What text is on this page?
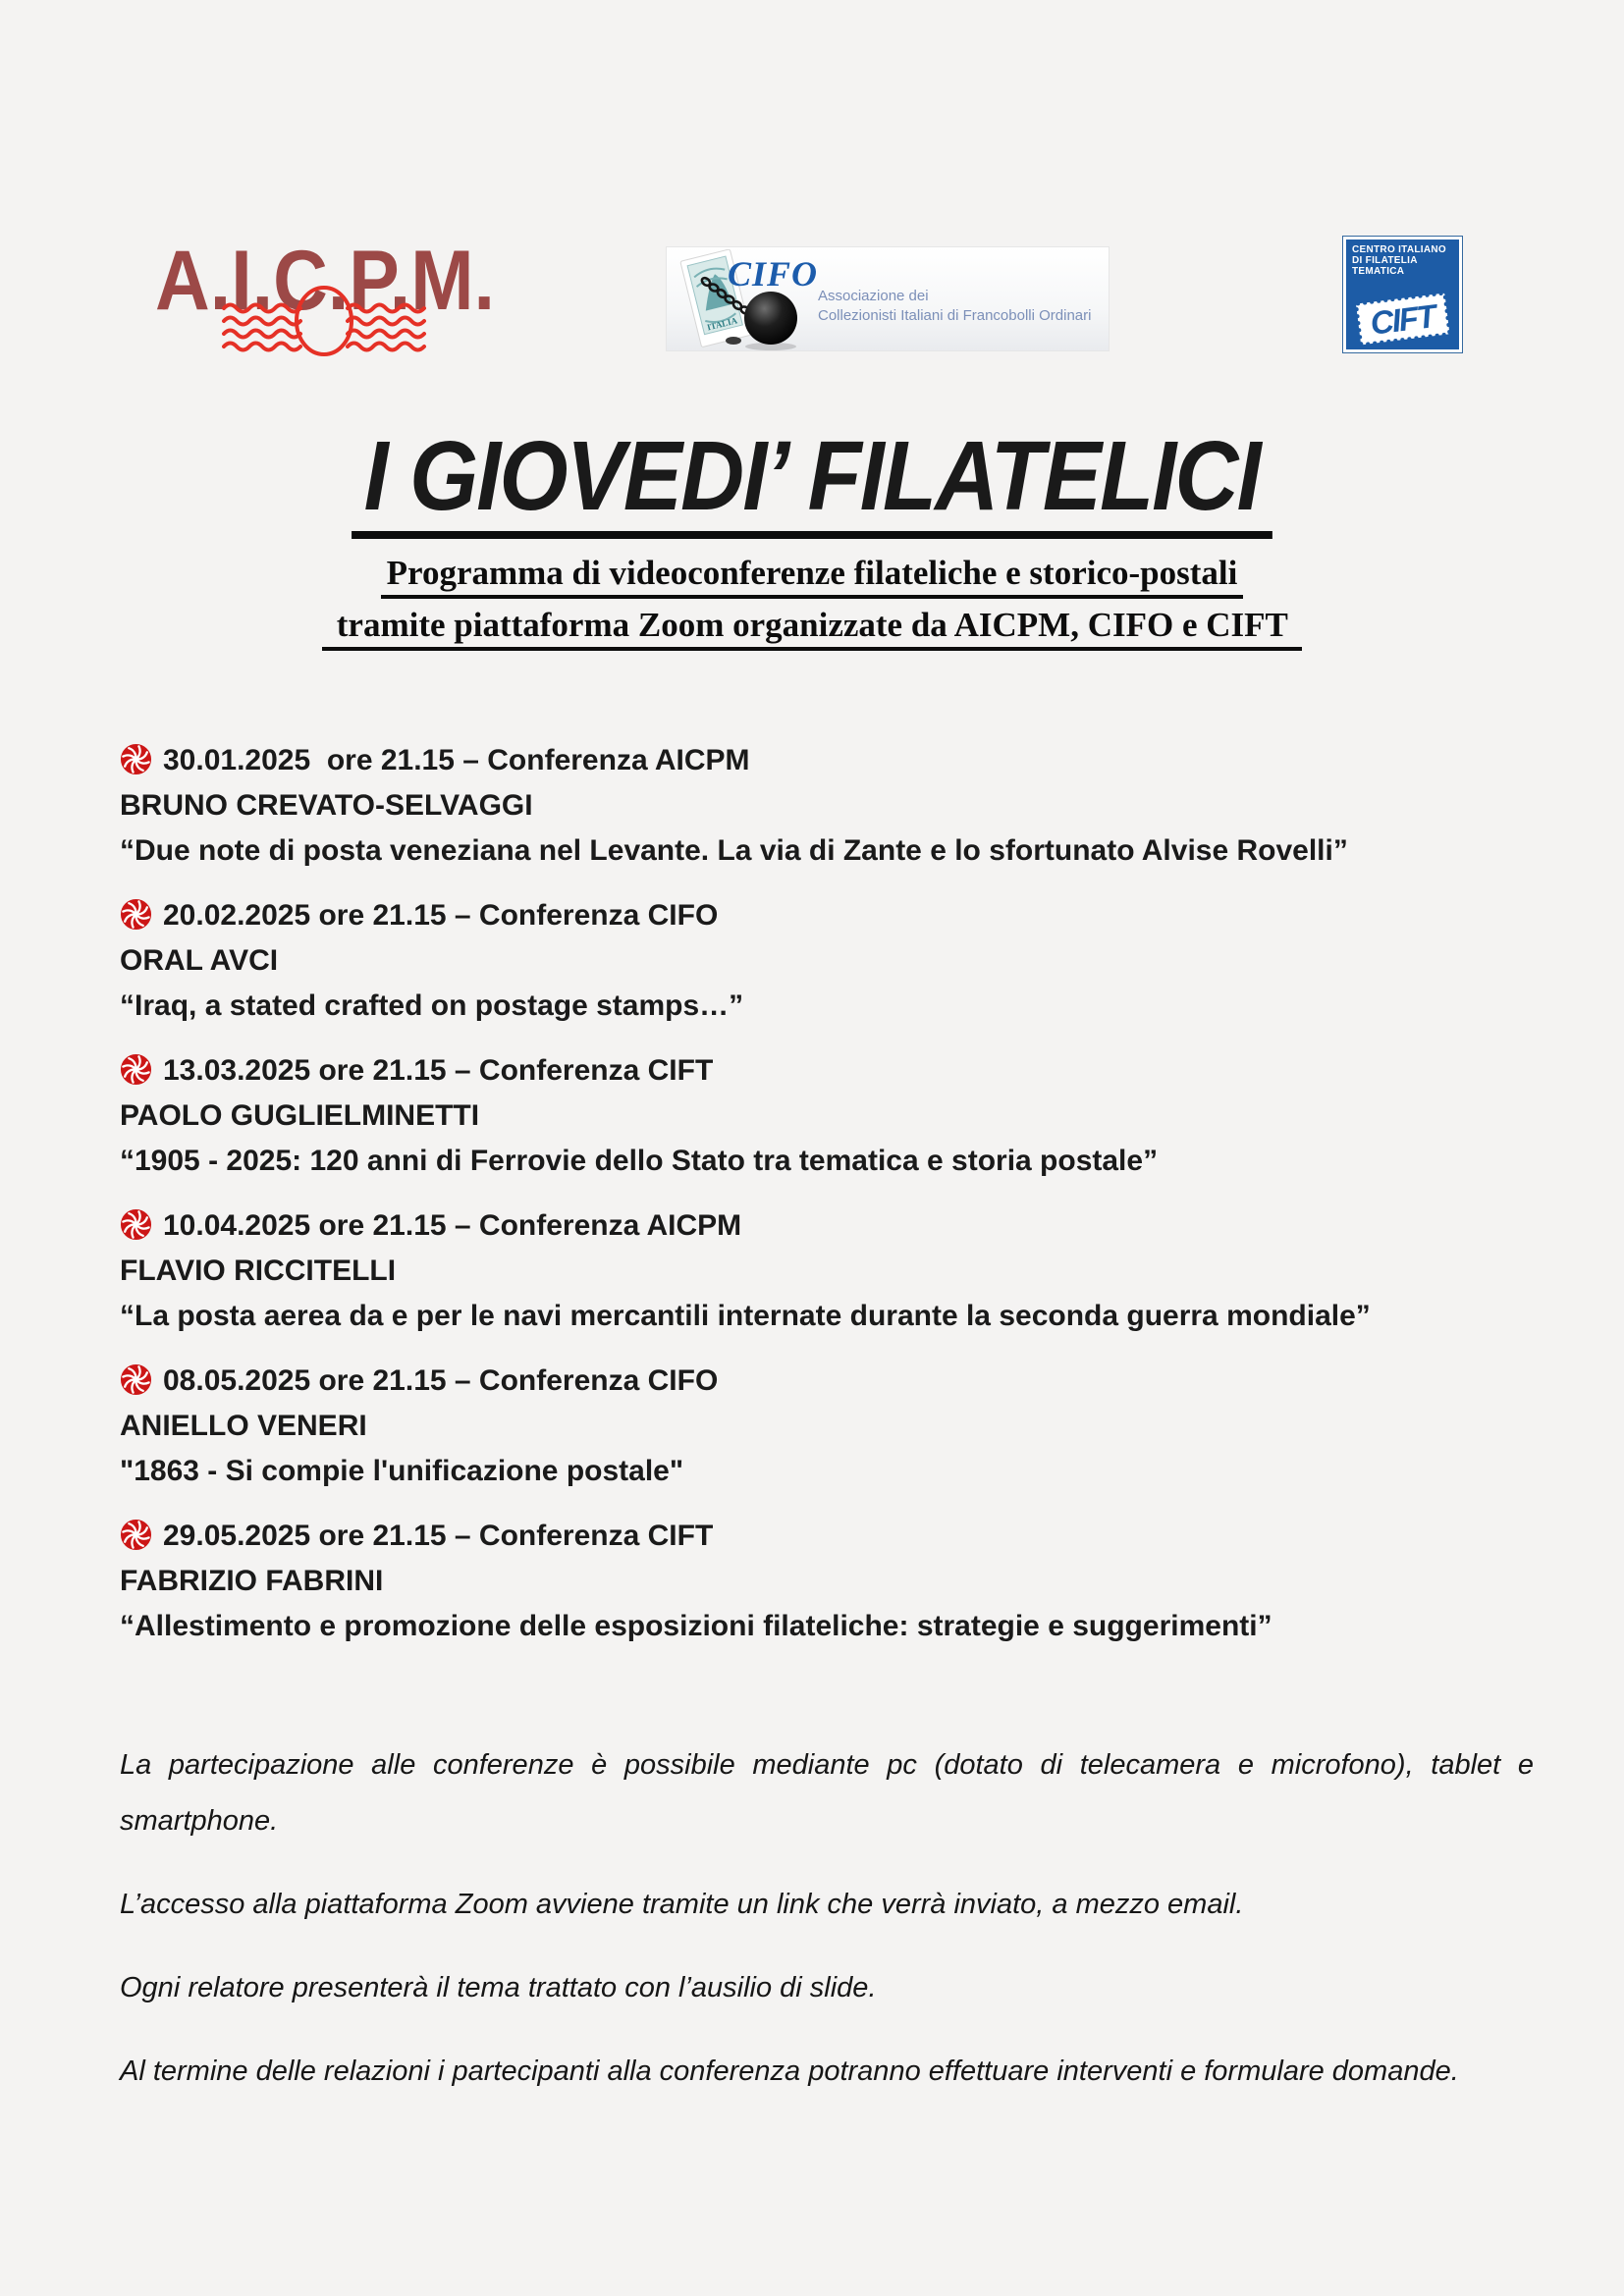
A.I.C.P.M.	ITALIA
CIFO
Associazione dei
Collezionisti Italiani di Francobolli Ordinari
CENTRO ITALIANO
DI FILATELIA
TEMATICA
CIFT
I GIOVEDI’ FILATELICI
Programma di videoconferenze filateliche e storico-postali
tramite piattaforma Zoom organizzate da AICPM, CIFO e CIFT
30.01.2025  ore 21.15 – Conferenza AICPM
BRUNO CREVATO-SELVAGGI
“Due note di posta veneziana nel Levante. La via di Zante e lo sfortunato Alvise Rovelli”
20.02.2025 ore 21.15 – Conferenza CIFO
ORAL AVCI
“Iraq, a stated crafted on postage stamps…”
13.03.2025 ore 21.15 – Conferenza CIFT
PAOLO GUGLIELMINETTI
“1905 - 2025: 120 anni di Ferrovie dello Stato tra tematica e storia postale”
10.04.2025 ore 21.15 – Conferenza AICPM
FLAVIO RICCITELLI
“La posta aerea da e per le navi mercantili internate durante la seconda guerra mondiale”
08.05.2025 ore 21.15 – Conferenza CIFO
ANIELLO VENERI
"1863 - Si compie l'unificazione postale"
29.05.2025 ore 21.15 – Conferenza CIFT
FABRIZIO FABRINI
“Allestimento e promozione delle esposizioni filateliche: strategie e suggerimenti”

La partecipazione alle conferenze è possibile mediante pc (dotato di telecamera e microfono), tablet e smartphone.

L’accesso alla piattaforma Zoom avviene tramite un link che verrà inviato, a mezzo email.

Ogni relatore presenterà il tema trattato con l’ausilio di slide.

Al termine delle relazioni i partecipanti alla conferenza potranno effettuare interventi e formulare domande.
